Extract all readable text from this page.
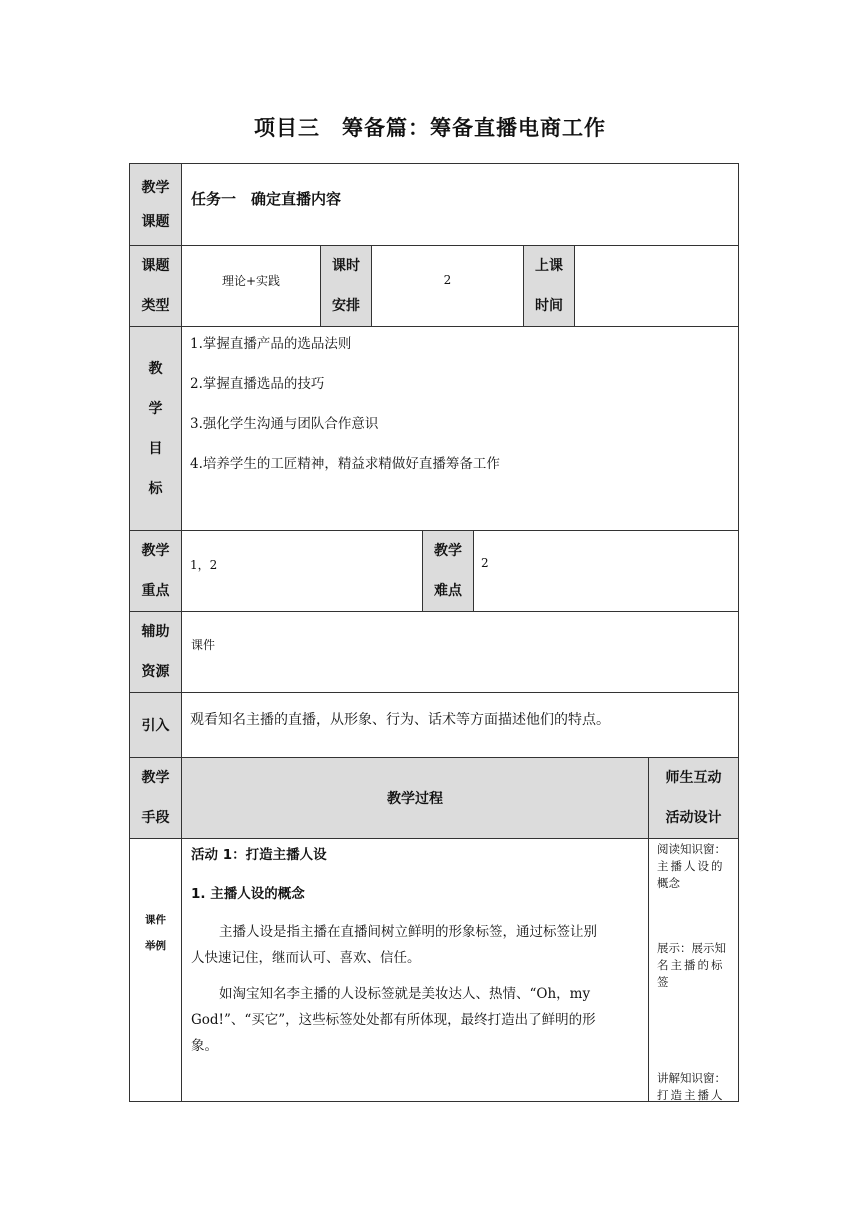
项目三　筹备篇：筹备直播电商工作
教学
课题
任务一　确定直播内容
课题
类型
理论+实践
课时
安排
2
上课
时间
教
学
目
标
1.掌握直播产品的选品法则
2.掌握直播选品的技巧
3.强化学生沟通与团队合作意识
4.培养学生的工匠精神，精益求精做好直播筹备工作
教学
重点
1，2
教学
难点
2
辅助
资源
课件
引入	观看知名主播的直播，从形象、行为、话术等方面描述他们的特点。
教学
手段
教学过程
师生互动
活动设计
课件
举例
活动 1：打造主播人设
1. 主播人设的概念
主播人设是指主播在直播间树立鲜明的形象标签，通过标签让别
人快速记住，继而认可、喜欢、信任。
如淘宝知名李主播的人设标签就是美妆达人、热情、“Oh，my
God!”、“买它”，这些标签处处都有所体现，最终打造出了鲜明的形
象。
阅读知识窗：
主播人设的
概念
展示：展示知
名主播的标
签
讲解知识窗：
打造主播人
